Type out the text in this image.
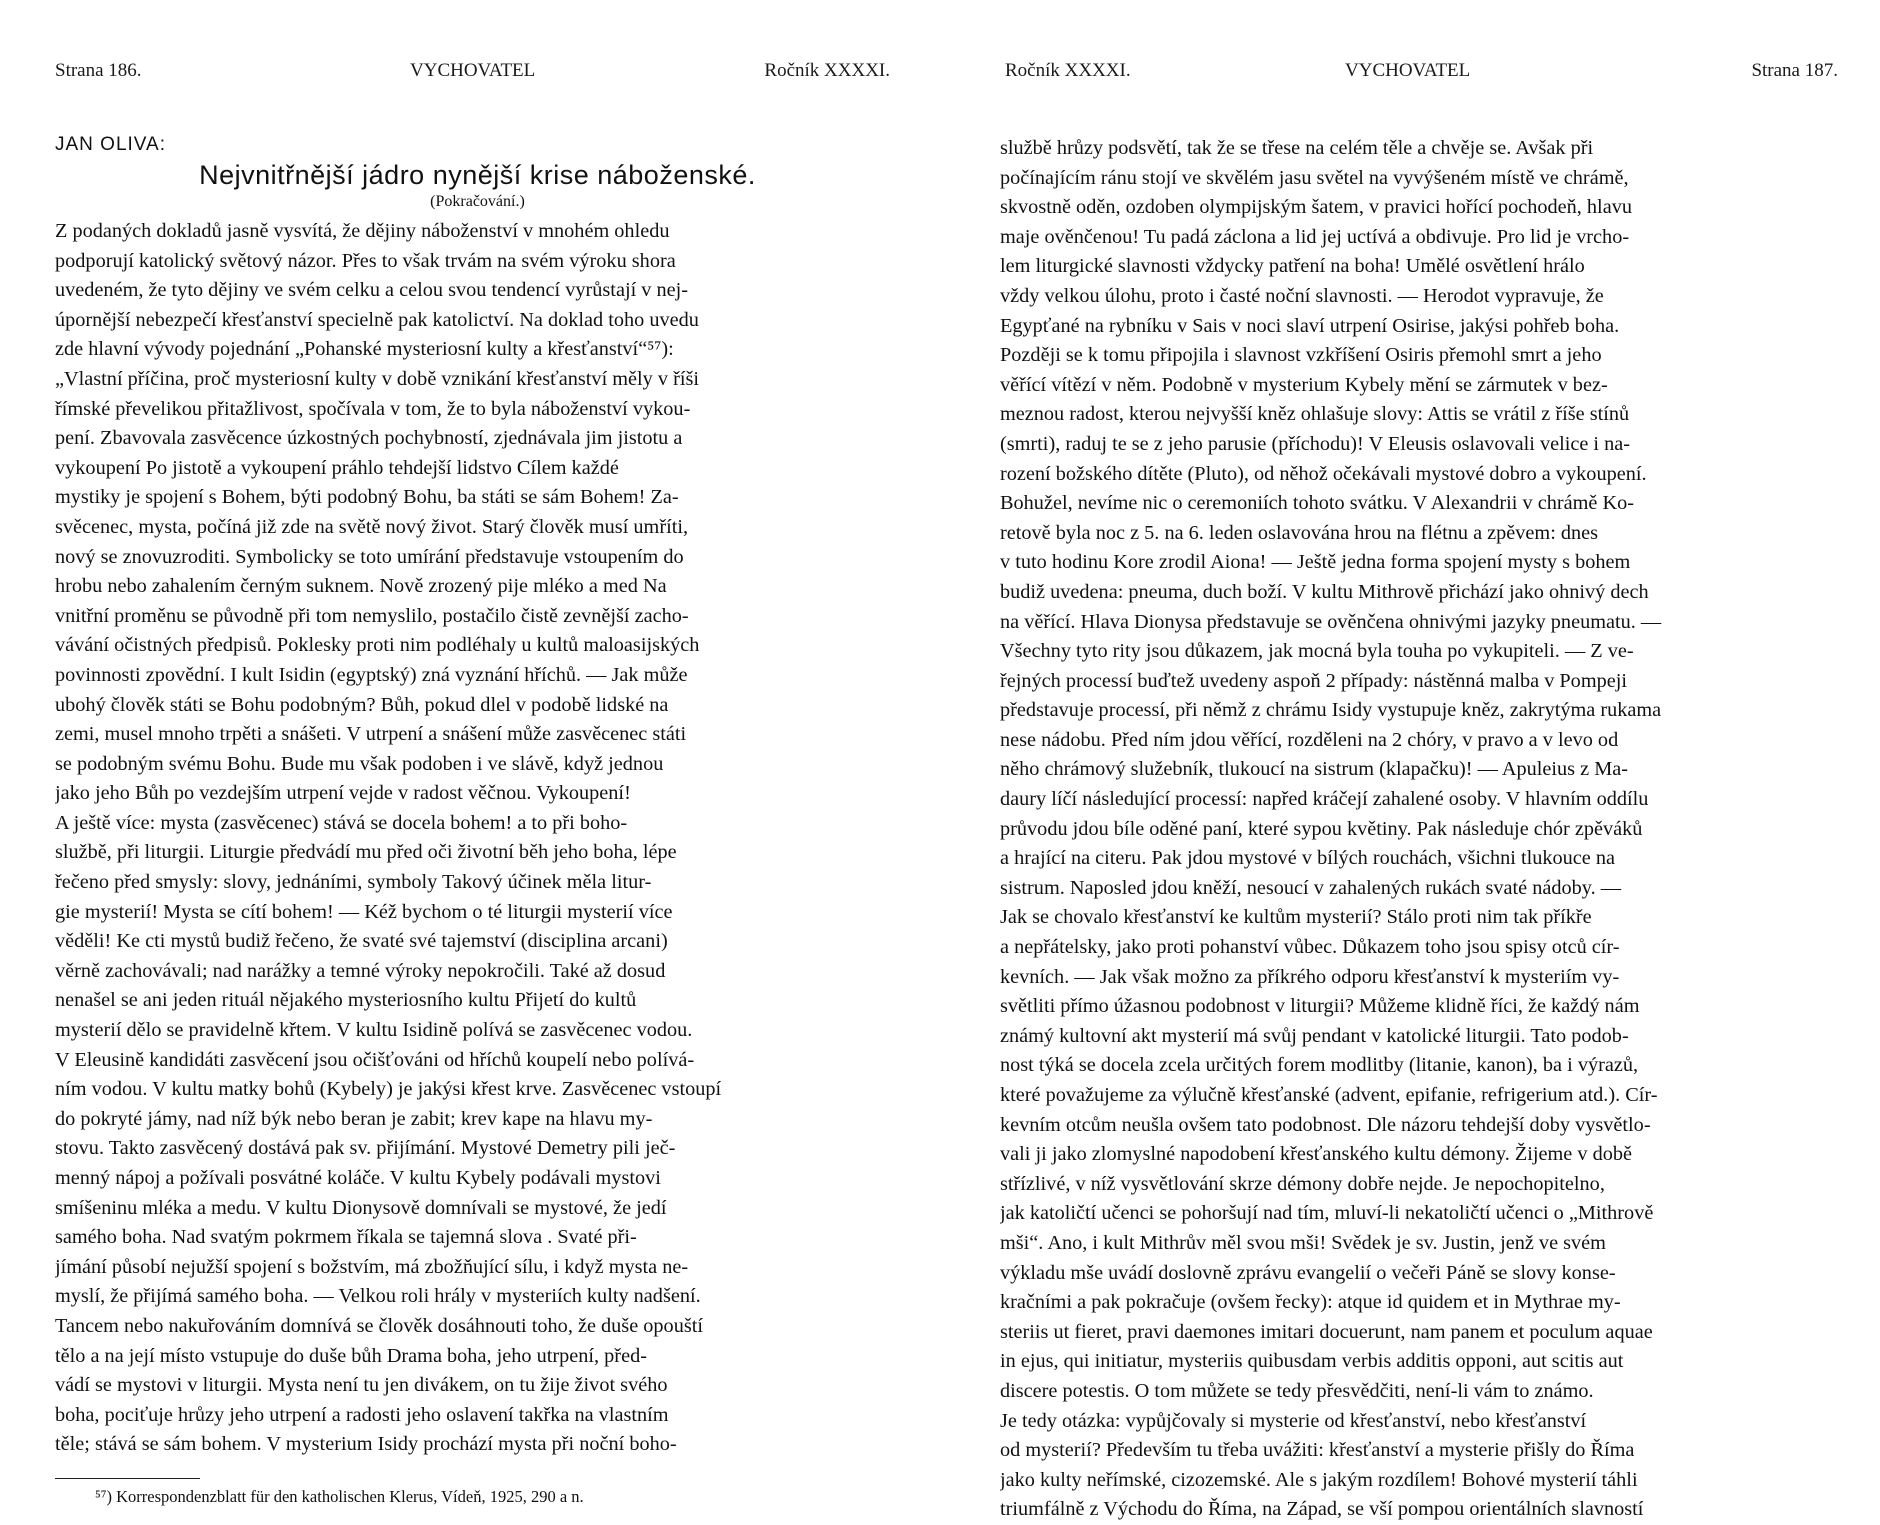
Strana 186.	VYCHOVATEL	Ročník XXXXI.
JAN OLIVA:
Nejvnitřnější jádro nynější krise náboženské.
(Pokračování.)
Z podaných dokladů jasně vysvítá, že dějiny náboženství v mnohém ohledu
podporují katolický světový názor. Přes to však trvám na svém výroku shora
uvedeném, že tyto dějiny ve svém celku a celou svou tendencí vyrůstají v nej-
úpornější nebezpečí křesťanství specielně pak katolictví. Na doklad toho uvedu
zde hlavní vývody pojednání „Pohanské mysteriosní kulty a křesťanství“⁵⁷):
„Vlastní příčina, proč mysteriosní kulty v době vznikání křesťanství měly v říši
římské převelikou přitažlivost, spočívala v tom, že to byla náboženství vykou-
pení. Zbavovala zasvěcence úzkostných pochybností, zjednávala jim jistotu a
vykoupení Po jistotě a vykoupení práhlo tehdejší lidstvo Cílem každé
mystiky je spojení s Bohem, býti podobný Bohu, ba státi se sám Bohem! Za-
svěcenec, mysta, počíná již zde na světě nový život. Starý člověk musí umříti,
nový se znovuzroditi. Symbolicky se toto umírání představuje vstoupením do
hrobu nebo zahalením černým suknem. Nově zrozený pije mléko a med Na
vnitřní proměnu se původně při tom nemyslilo, postačilo čistě zevnější zacho-
vávání očistných předpisů. Poklesky proti nim podléhaly u kultů maloasijských
povinnosti zpovědní. I kult Isidin (egyptský) zná vyznání hříchů. — Jak může
ubohý člověk státi se Bohu podobným? Bůh, pokud dlel v podobě lidské na
zemi, musel mnoho trpěti a snášeti. V utrpení a snášení může zasvěcenec státi
se podobným svému Bohu. Bude mu však podoben i ve slávě, když jednou
jako jeho Bůh po vezdejším utrpení vejde v radost věčnou. Vykoupení!
A ještě více: mysta (zasvěcenec) stává se docela bohem! a to při boho-
službě, při liturgii. Liturgie předvádí mu před oči životní běh jeho boha, lépe
řečeno před smysly: slovy, jednáními, symboly Takový účinek měla litur-
gie mysterií! Mysta se cítí bohem! — Kéž bychom o té liturgii mysterií více
věděli! Ke cti mystů budiž řečeno, že svaté své tajemství (disciplina arcani)
věrně zachovávali; nad narážky a temné výroky nepokročili. Také až dosud
nenašel se ani jeden rituál nějakého mysteriosního kultu Přijetí do kultů
mysterií dělo se pravidelně křtem. V kultu Isidině polívá se zasvěcenec vodou.
V Eleusině kandidáti zasvěcení jsou očišťováni od hříchů koupelí nebo polívá-
ním vodou. V kultu matky bohů (Kybely) je jakýsi křest krve. Zasvěcenec vstoupí
do pokryté jámy, nad níž býk nebo beran je zabit; krev kape na hlavu my-
stovu. Takto zasvěcený dostává pak sv. přijímání. Mystové Demetry pili ječ-
menný nápoj a požívali posvátné koláče. V kultu Kybely podávali mystovi
smíšeninu mléka a medu. V kultu Dionysově domnívali se mystové, že jedí
samého boha. Nad svatým pokrmem říkala se tajemná slova . Svaté při-
jímání působí nejužší spojení s božstvím, má zbožňující sílu, i když mysta ne-
myslí, že přijímá samého boha. — Velkou roli hrály v mysteriích kulty nadšení.
Tancem nebo nakuřováním domnívá se člověk dosáhnouti toho, že duše opouští
tělo a na její místo vstupuje do duše bůh Drama boha, jeho utrpení, před-
vádí se mystovi v liturgii. Mysta není tu jen divákem, on tu žije život svého
boha, pociťuje hrůzy jeho utrpení a radosti jeho oslavení takřka na vlastním
těle; stává se sám bohem. V mysterium Isidy prochází mysta při noční boho-
⁵⁷) Korrespondenzblatt für den katholischen Klerus, Vídeň, 1925, 290 a n.
Ročník XXXXI.	VYCHOVATEL	Strana 187.
službě hrůzy podsvětí, tak že se třese na celém těle a chvěje se. Avšak při
počínajícím ránu stojí ve skvělém jasu světel na vyvýšeném místě ve chrámě,
skvostně oděn, ozdoben olympijským šatem, v pravici hořící pochodeň, hlavu
maje ověnčenou! Tu padá záclona a lid jej uctívá a obdivuje. Pro lid je vrcho-
lem liturgické slavnosti vždycky patření na boha! Umělé osvětlení hrálo
vždy velkou úlohu, proto i časté noční slavnosti. — Herodot vypravuje, že
Egypťané na rybníku v Sais v noci slaví utrpení Osirise, jakýsi pohřeb boha.
Později se k tomu připojila i slavnost vzkříšení Osiris přemohl smrt a jeho
věřící vítězí v něm. Podobně v mysterium Kybely mění se zármutek v bez-
meznou radost, kterou nejvyšší kněz ohlašuje slovy: Attis se vrátil z říše stínů
(smrti), raduj te se z jeho parusie (příchodu)! V Eleusis oslavovali velice i na-
rození božského dítěte (Pluto), od něhož očekávali mystové dobro a vykoupení.
Bohužel, nevíme nic o ceremoniích tohoto svátku. V Alexandrii v chrámě Ko-
retově byla noc z 5. na 6. leden oslavována hrou na flétnu a zpěvem: dnes
v tuto hodinu Kore zrodil Aiona! — Ještě jedna forma spojení mysty s bohem
budiž uvedena: pneuma, duch boží. V kultu Mithrově přichází jako ohnivý dech
na věřící. Hlava Dionysa představuje se ověnčena ohnivými jazyky pneumatu. —
Všechny tyto rity jsou důkazem, jak mocná byla touha po vykupiteli. — Z ve-
řejných processí buďtež uvedeny aspoň 2 případy: nástěnná malba v Pompeji
představuje processí, při němž z chrámu Isidy vystupuje kněz, zakrytýma rukama
nese nádobu. Před ním jdou věřící, rozděleni na 2 chóry, v pravo a v levo od
něho chrámový služebník, tlukoucí na sistrum (klapačku)! — Apuleius z Ma-
daury líčí následující processí: napřed kráčejí zahalené osoby. V hlavním oddílu
průvodu jdou bíle oděné paní, které sypou květiny. Pak následuje chór zpěváků
a hrající na citeru. Pak jdou mystové v bílých rouchách, všichni tlukouce na
sistrum. Naposled jdou kněží, nesoucí v zahalených rukách svaté nádoby. —
Jak se chovalo křesťanství ke kultům mysterií? Stálo proti nim tak příkře
a nepřátelsky, jako proti pohanství vůbec. Důkazem toho jsou spisy otců cír-
kevních. — Jak však možno za příkrého odporu křesťanství k mysteriím vy-
světliti přímo úžasnou podobnost v liturgii? Můžeme klidně říci, že každý nám
známý kultovní akt mysterií má svůj pendant v katolické liturgii. Tato podob-
nost týká se docela zcela určitých forem modlitby (litanie, kanon), ba i výrazů,
které považujeme za výlučně křesťanské (advent, epifanie, refrigerium atd.). Cír-
kevním otcům neušla ovšem tato podobnost. Dle názoru tehdejší doby vysvětlo-
vali ji jako zlomyslné napodobení křesťanského kultu démony. Žijeme v době
střízlivé, v níž vysvětlování skrze démony dobře nejde. Je nepochopitelno,
jak katoličtí učenci se pohoršují nad tím, mluví-li nekatoličtí učenci o „Mithrově
mši“. Ano, i kult Mithrův měl svou mši! Svědek je sv. Justin, jenž ve svém
výkladu mše uvádí doslovně zprávu evangelií o večeři Páně se slovy konse-
kračními a pak pokračuje (ovšem řecky): atque id quidem et in Mythrae my-
steriis ut fieret, pravi daemones imitari docuerunt, nam panem et poculum aquae
in ejus, qui initiatur, mysteriis quibusdam verbis additis opponi, aut scitis aut
discere potestis. O tom můžete se tedy přesvědčiti, není-li vám to známo.
Je tedy otázka: vypůjčovaly si mysterie od křesťanství, nebo křesťanství
od mysterií? Především tu třeba uvážiti: křesťanství a mysterie přišly do Říma
jako kulty neřímské, cizozemské. Ale s jakým rozdílem! Bohové mysterií táhli
triumfálně z Východu do Říma, na Západ, se vší pompou orientálních slavností
